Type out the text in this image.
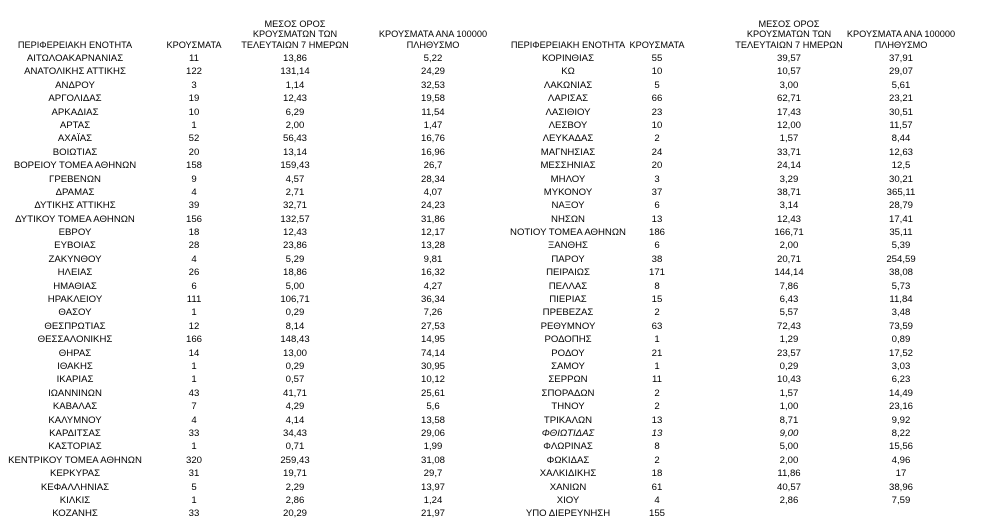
ΠΕΡΙΦΕΡΕΙΑΚΗ ΕΝΟΤΗΤΑ	ΚΡΟΥΣΜΑΤΑ
ΜΕΣΟΣ ΟΡΟΣ
ΚΡΟΥΣΜΑΤΩΝ ΤΩΝ
ΤΕΛΕΥΤΑΙΩΝ 7 ΗΜΕΡΩΝ
ΚΡΟΥΣΜΑΤΑ ΑΝΑ 100000
ΠΛΗΘΥΣΜΟ
ΑΙΤΩΛΟΑΚΑΡΝΑΝΙΑΣ	11	13,86	5,22
ΑΝΑΤΟΛΙΚΗΣ ΑΤΤΙΚΗΣ	122	131,14	24,29
ΑΝΔΡΟΥ	3	1,14	32,53
ΑΡΓΟΛΙΔΑΣ	19	12,43	19,58
ΑΡΚΑΔΙΑΣ	10	6,29	11,54
ΑΡΤΑΣ	1	2,00	1,47
ΑΧΑΪΑΣ	52	56,43	16,76
ΒΟΙΩΤΙΑΣ	20	13,14	16,96
ΒΟΡΕΙΟΥ ΤΟΜΕΑ ΑΘΗΝΩΝ	158	159,43	26,7
ΓΡΕΒΕΝΩΝ	9	4,57	28,34
ΔΡΑΜΑΣ	4	2,71	4,07
ΔΥΤΙΚΗΣ ΑΤΤΙΚΗΣ	39	32,71	24,23
ΔΥΤΙΚΟΥ ΤΟΜΕΑ ΑΘΗΝΩΝ	156	132,57	31,86
ΕΒΡΟΥ	18	12,43	12,17
ΕΥΒΟΙΑΣ	28	23,86	13,28
ΖΑΚΥΝΘΟΥ	4	5,29	9,81
ΗΛΕΙΑΣ	26	18,86	16,32
ΗΜΑΘΙΑΣ	6	5,00	4,27
ΗΡΑΚΛΕΙΟΥ	111	106,71	36,34
ΘΑΣΟΥ	1	0,29	7,26
ΘΕΣΠΡΩΤΙΑΣ	12	8,14	27,53
ΘΕΣΣΑΛΟΝΙΚΗΣ	166	148,43	14,95
ΘΗΡΑΣ	14	13,00	74,14
ΙΘΑΚΗΣ	1	0,29	30,95
ΙΚΑΡΙΑΣ	1	0,57	10,12
ΙΩΑΝΝΙΝΩΝ	43	41,71	25,61
ΚΑΒΑΛΑΣ	7	4,29	5,6
ΚΑΛΥΜΝΟΥ	4	4,14	13,58
ΚΑΡΔΙΤΣΑΣ	33	34,43	29,06
ΚΑΣΤΟΡΙΑΣ	1	0,71	1,99
ΚΕΝΤΡΙΚΟΥ ΤΟΜΕΑ ΑΘΗΝΩΝ	320	259,43	31,08
ΚΕΡΚΥΡΑΣ	31	19,71	29,7
ΚΕΦΑΛΛΗΝΙΑΣ	5	2,29	13,97
ΚΙΛΚΙΣ	1	2,86	1,24
ΚΟΖΑΝΗΣ	33	20,29	21,97
ΠΕΡΙΦΕΡΕΙΑΚΗ ΕΝΟΤΗΤΑ ΚΡΟΥΣΜΑΤΑ
ΜΕΣΟΣ ΟΡΟΣ
ΚΡΟΥΣΜΑΤΩΝ ΤΩΝ
ΤΕΛΕΥΤΑΙΩΝ 7 ΗΜΕΡΩΝ
ΚΡΟΥΣΜΑΤΑ ΑΝΑ 100000
ΠΛΗΘΥΣΜΟ
ΚΟΡΙΝΘΙΑΣ	55	39,57	37,91
ΚΩ	10	10,57	29,07
ΛΑΚΩΝΙΑΣ	5	3,00	5,61
ΛΑΡΙΣΑΣ	66	62,71	23,21
ΛΑΣΙΘΙΟΥ	23	17,43	30,51
ΛΕΣΒΟΥ	10	12,00	11,57
ΛΕΥΚΑΔΑΣ	2	1,57	8,44
ΜΑΓΝΗΣΙΑΣ	24	33,71	12,63
ΜΕΣΣΗΝΙΑΣ	20	24,14	12,5
ΜΗΛΟΥ	3	3,29	30,21
ΜΥΚΟΝΟΥ	37	38,71	365,11
ΝΑΞΟΥ	6	3,14	28,79
ΝΗΣΩΝ	13	12,43	17,41
ΝΟΤΙΟΥ ΤΟΜΕΑ ΑΘΗΝΩΝ	186	166,71	35,11
ΞΑΝΘΗΣ	6	2,00	5,39
ΠΑΡΟΥ	38	20,71	254,59
ΠΕΙΡΑΙΩΣ	171	144,14	38,08
ΠΕΛΛΑΣ	8	7,86	5,73
ΠΙΕΡΙΑΣ	15	6,43	11,84
ΠΡΕΒΕΖΑΣ	2	5,57	3,48
ΡΕΘΥΜΝΟΥ	63	72,43	73,59
ΡΟΔΟΠΗΣ	1	1,29	0,89
ΡΟΔΟΥ	21	23,57	17,52
ΣΑΜΟΥ	1	0,29	3,03
ΣΕΡΡΩΝ	11	10,43	6,23
ΣΠΟΡΑΔΩΝ	2	1,57	14,49
ΤΗΝΟΥ	2	1,00	23,16
ΤΡΙΚΑΛΩΝ	13	8,71	9,92
ΦΘΙΩΤΙΔΑΣ	13	9,00	8,22
ΦΛΩΡΙΝΑΣ	8	5,00	15,56
ΦΩΚΙΔΑΣ	2	2,00	4,96
ΧΑΛΚΙΔΙΚΗΣ	18	11,86	17
ΧΑΝΙΩΝ	61	40,57	38,96
ΧΙΟΥ	4	2,86	7,59
ΥΠΟ ΔΙΕΡΕΥΝΗΣΗ	155
